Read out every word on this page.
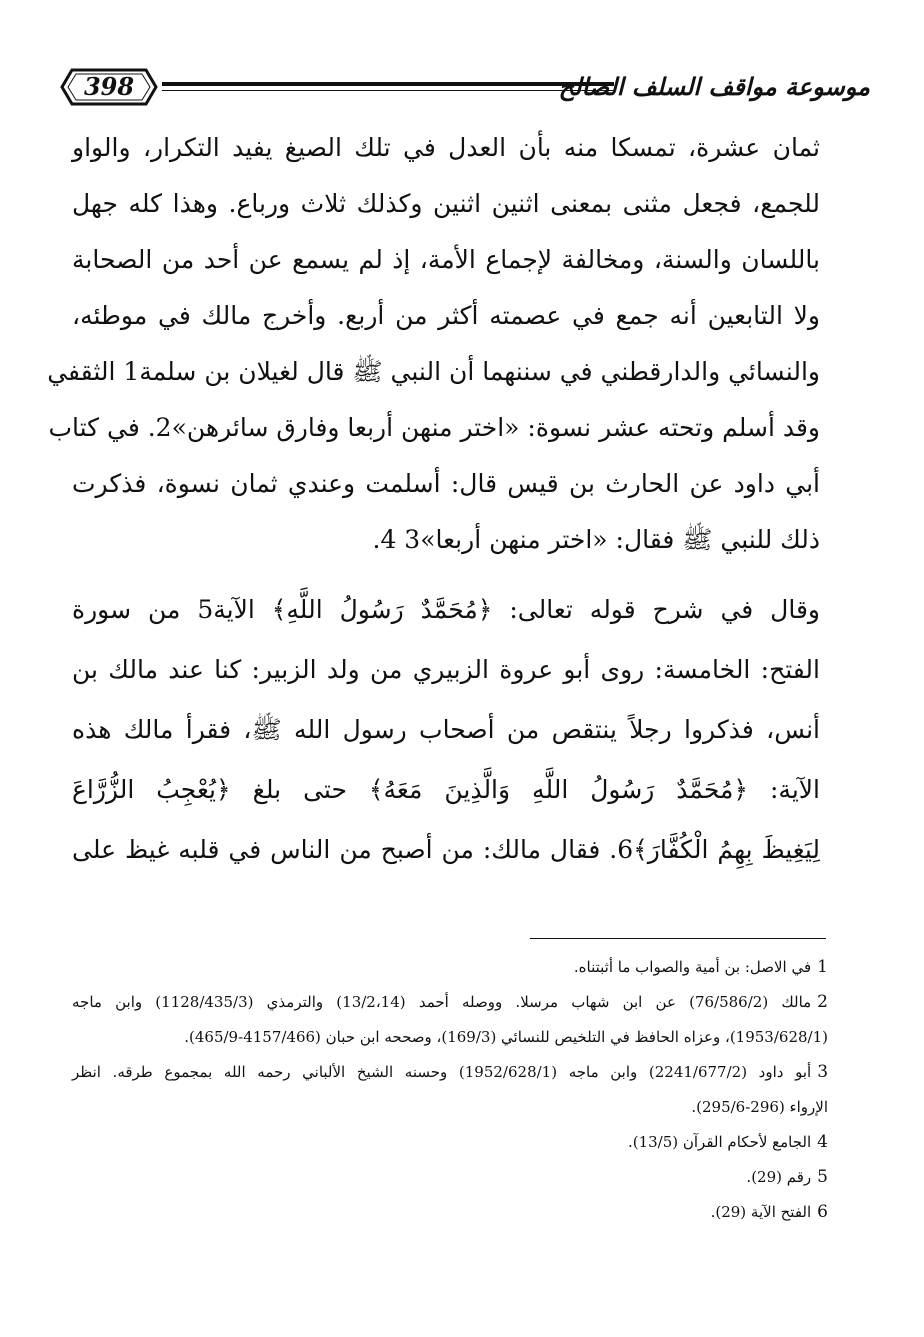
398	موسوعة مواقف السلف الصالح
ثمان عشرة، تمسكا منه بأن العدل في تلك الصيغ يفيد التكرار، والواو
للجمع، فجعل مثنى بمعنى اثنين اثنين وكذلك ثلاث ورباع. وهذا كله جهل
باللسان والسنة، ومخالفة لإجماع الأمة، إذ لم يسمع عن أحد من الصحابة
ولا التابعين أنه جمع في عصمته أكثر من أربع. وأخرج مالك في موطئه،
والنسائي والدارقطني في سننهما أن النبي ﷺ قال لغيلان بن سلمة1 الثقفي
وقد أسلم وتحته عشر نسوة: «اختر منهن أربعا وفارق سائرهن»2. في كتاب
أبي داود عن الحارث بن قيس قال: أسلمت وعندي ثمان نسوة، فذكرت
ذلك للنبي ﷺ فقال: «اختر منهن أربعا»3 4.
وقال في شرح قوله تعالى: ﴿مُحَمَّدٌ رَسُولُ اللَّهِ﴾ الآية5 من سورة
الفتح: الخامسة: روى أبو عروة الزبيري من ولد الزبير: كنا عند مالك بن
أنس، فذكروا رجلاً ينتقص من أصحاب رسول الله ﷺ، فقرأ مالك هذه
الآية: ﴿مُحَمَّدٌ رَسُولُ اللَّهِ وَالَّذِينَ مَعَهُ﴾ حتى بلغ ﴿يُعْجِبُ الزُّرَّاعَ
لِيَغِيظَ بِهِمُ الْكُفَّارَ﴾6. فقال مالك: من أصبح من الناس في قلبه غيظ على
1في الاصل: بن أمية والصواب ما أثبتناه.
2مالك (76/586/2) عن ابن شهاب مرسلا. ووصله أحمد (13/2،14) والترمذي (1128/435/3) وابن ماجه
(1953/628/1)، وعزاه الحافظ في التلخيص للنسائي (169/3)، وصححه ابن حبان (4157/466-465/9).
3أبو داود (2241/677/2) وابن ماجه (1952/628/1) وحسنه الشيخ الألباني رحمه الله بمجموع طرقه. انظر
الإرواء (296-295/6).
4الجامع لأحكام القرآن (13/5).
5رقم (29).
6الفتح الآية (29).
